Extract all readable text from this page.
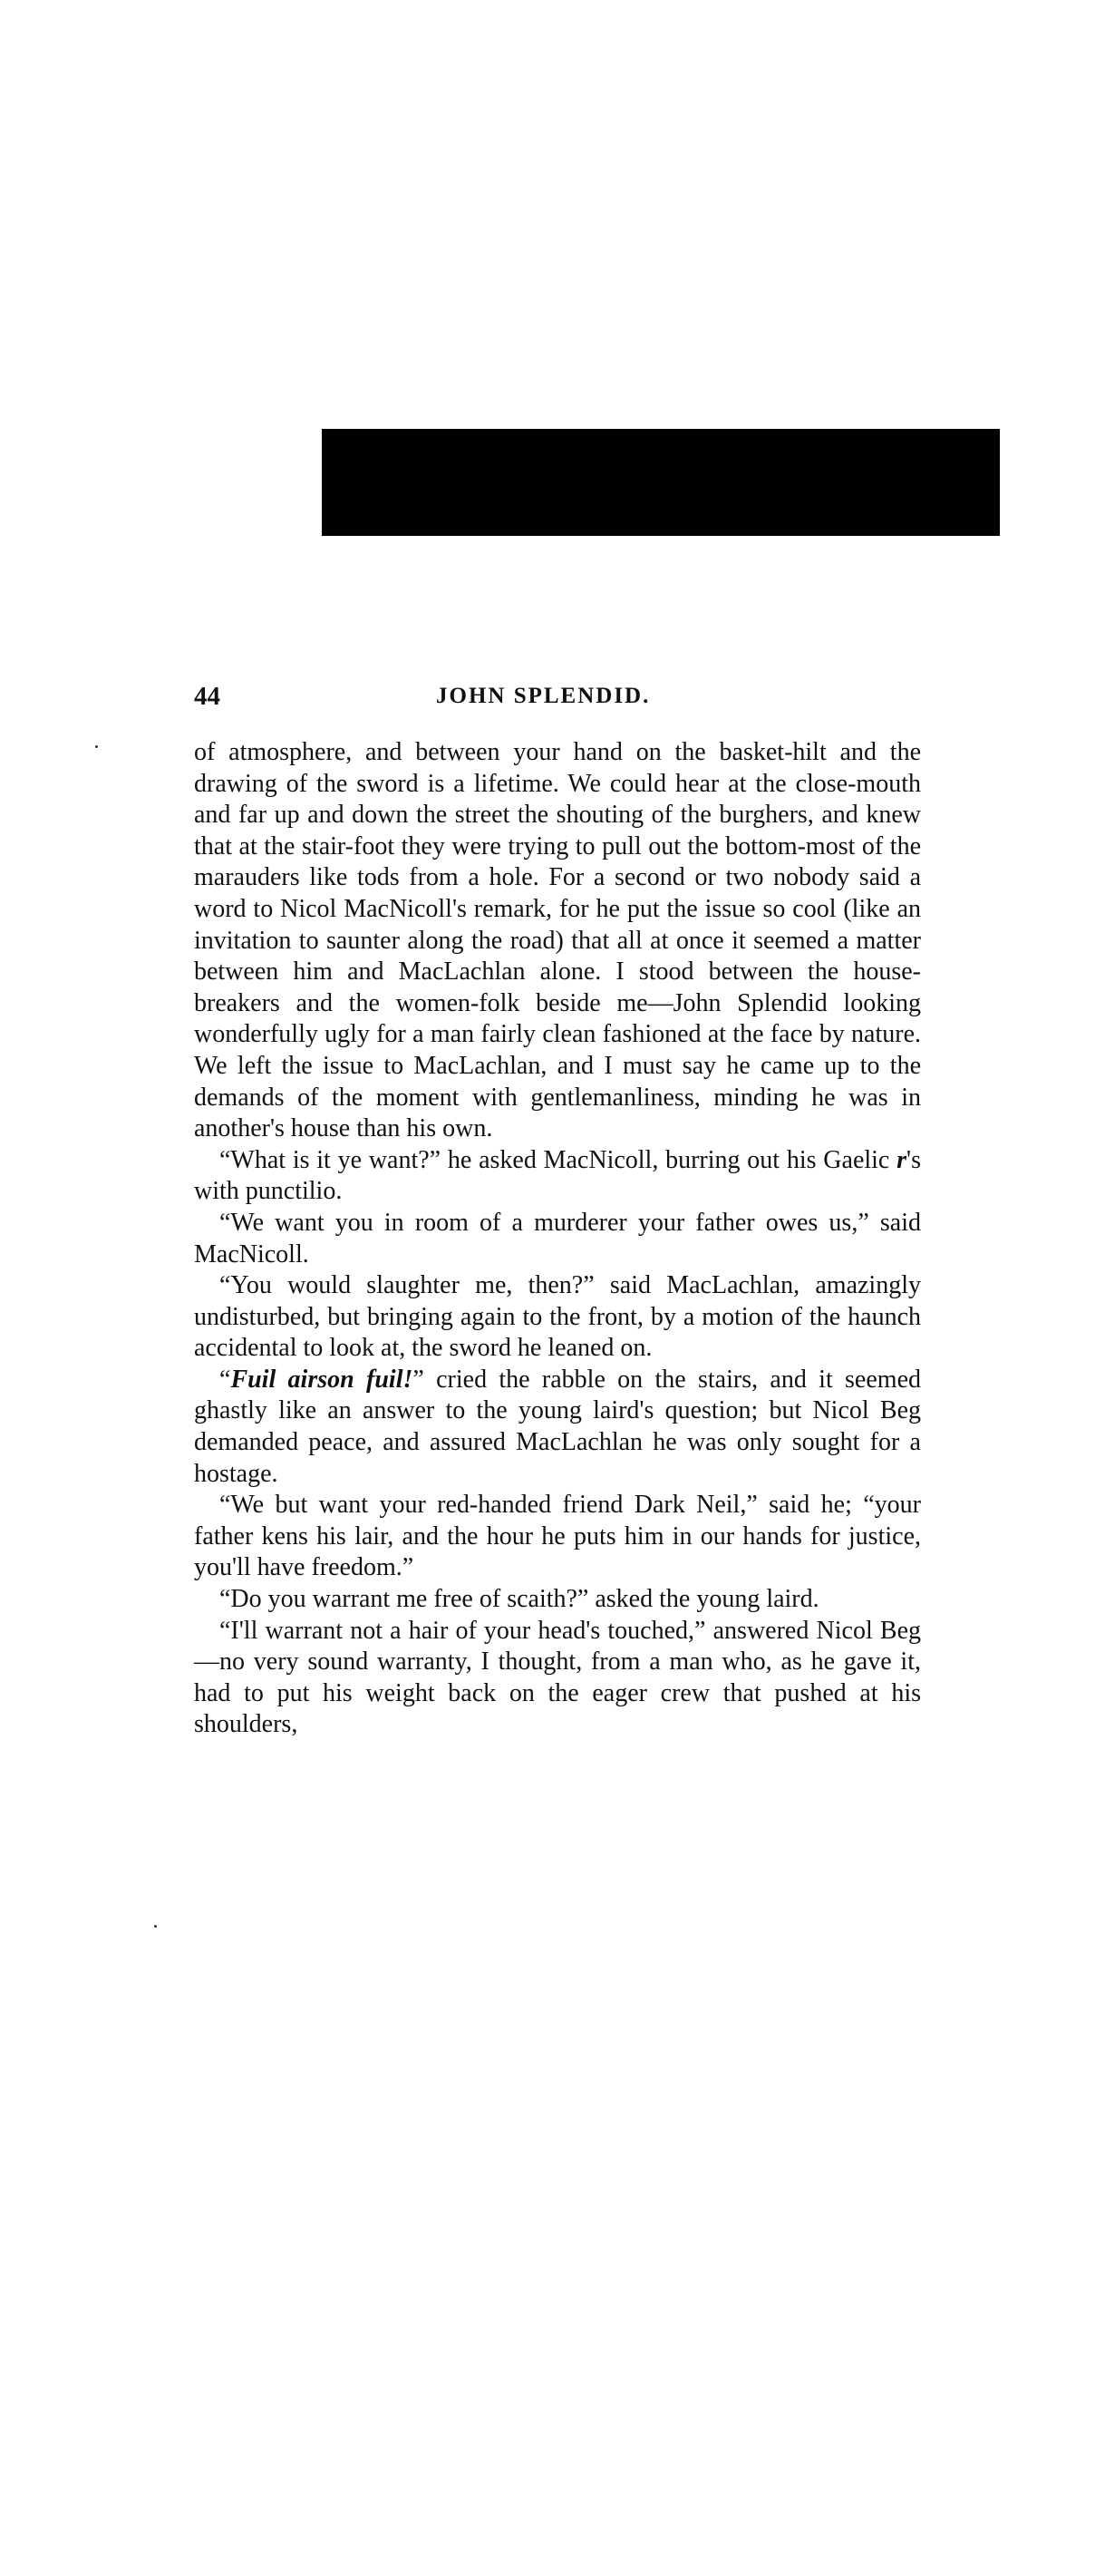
44	JOHN SPLENDID.

of atmosphere, and between your hand on the basket-hilt and the drawing of the sword is a lifetime. We could hear at the close-mouth and far up and down the street the shouting of the burghers, and knew that at the stair-foot they were trying to pull out the bottom-most of the marauders like tods from a hole. For a second or two nobody said a word to Nicol MacNicoll's remark, for he put the issue so cool (like an invitation to saunter along the road) that all at once it seemed a matter between him and MacLachlan alone. I stood between the house-breakers and the women-folk beside me—John Splendid looking wonderfully ugly for a man fairly clean fashioned at the face by nature. We left the issue to MacLachlan, and I must say he came up to the demands of the moment with gentlemanliness, minding he was in another's house than his own.

“What is it ye want?” he asked MacNicoll, burring out his Gaelic r's with punctilio.

“We want you in room of a murderer your father owes us,” said MacNicoll.

“You would slaughter me, then?” said MacLachlan, amazingly undisturbed, but bringing again to the front, by a motion of the haunch accidental to look at, the sword he leaned on.

“Fuil airson fuil!” cried the rabble on the stairs, and it seemed ghastly like an answer to the young laird's question; but Nicol Beg demanded peace, and assured MacLachlan he was only sought for a hostage.

“We but want your red-handed friend Dark Neil,” said he; “your father kens his lair, and the hour he puts him in our hands for justice, you'll have freedom.”

“Do you warrant me free of scaith?” asked the young laird.

“I'll warrant not a hair of your head's touched,” answered Nicol Beg—no very sound warranty, I thought, from a man who, as he gave it, had to put his weight back on the eager crew that pushed at his shoulders,
